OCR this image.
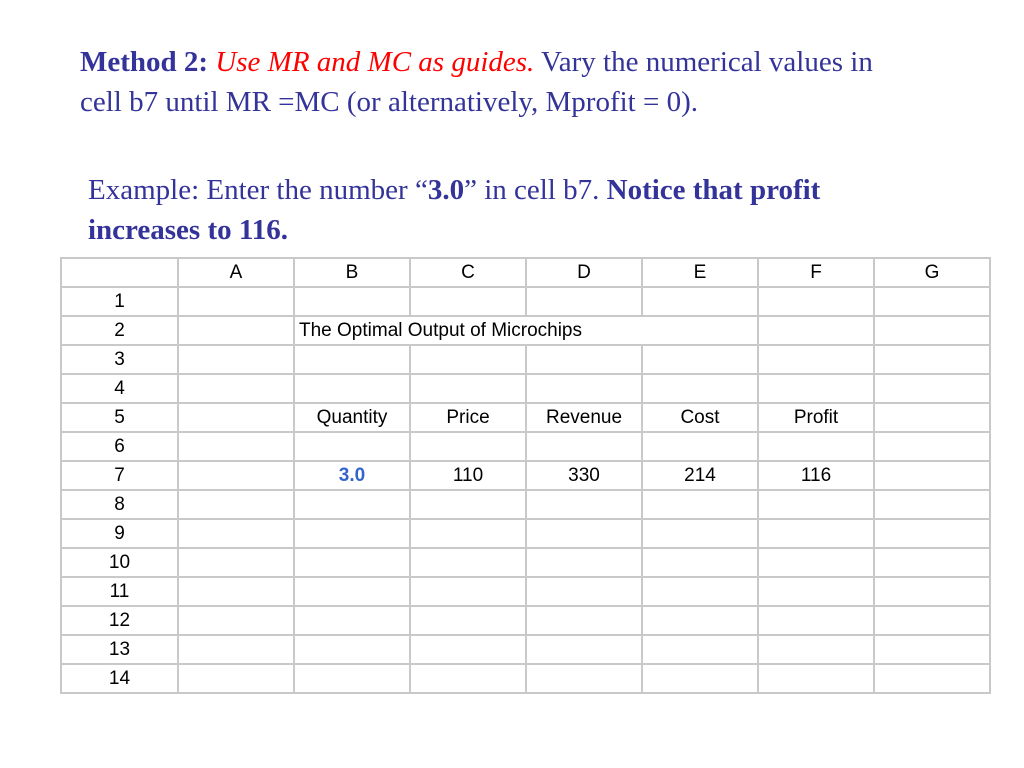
Method 2: Use MR and MC as guides. Vary the numerical values in cell b7 until MR =MC (or alternatively, Mprofit = 0).
Example: Enter the number “3.0” in cell b7. Notice that profit increases to 116.
	A	B	C	D	E	F	G
1							
2		The Optimal Output of Microchips					

3							
4							
5		Quantity	Price	Revenue	Cost	Profit	
6							
7		3.0	110	330	214	116	
8							
9							
10							
11							
12							
13							
14							
